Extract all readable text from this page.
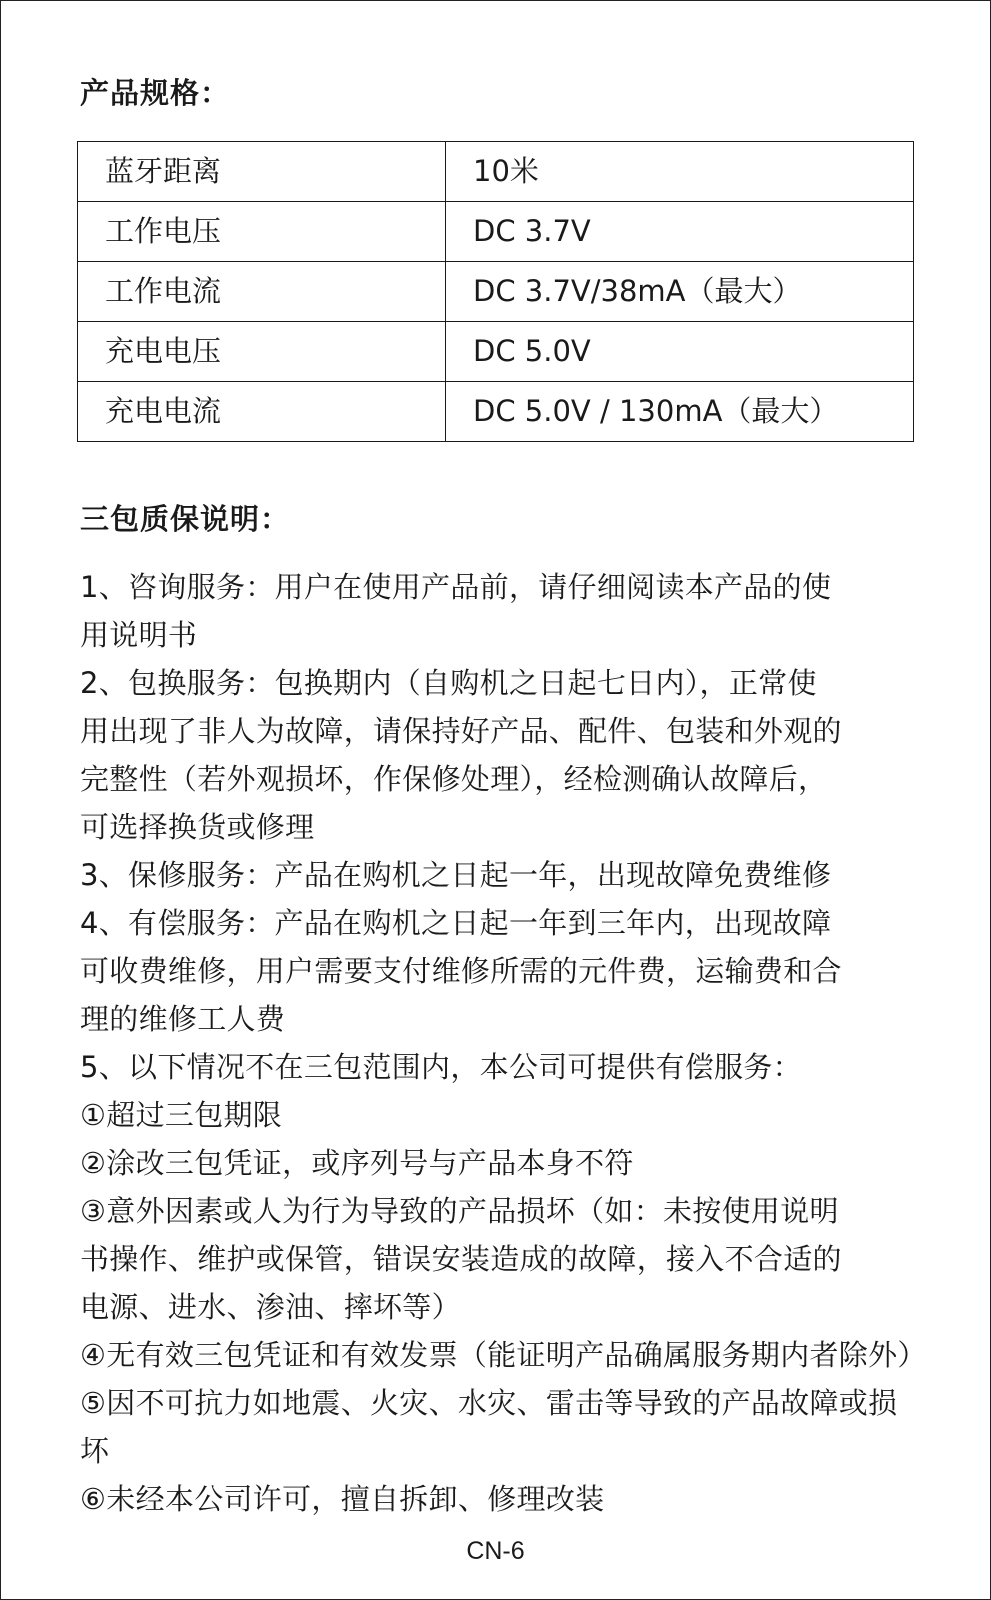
产品规格：
蓝牙距离	10米
工作电压	DC 3.7V
工作电流	DC 3.7V/38mA（最大）
充电电压	DC 5.0V
充电电流	DC 5.0V / 130mA（最大）
三包质保说明：

1、咨询服务：用户在使用产品前，请仔细阅读本产品的使

用说明书

2、包换服务：包换期内（自购机之日起七日内），正常使

用出现了非人为故障，请保持好产品、配件、包装和外观的

完整性（若外观损坏，作保修处理），经检测确认故障后，

可选择换货或修理

3、保修服务：产品在购机之日起一年，出现故障免费维修

4、有偿服务：产品在购机之日起一年到三年内，出现故障

可收费维修，用户需要支付维修所需的元件费，运输费和合

理的维修工人费

5、以下情况不在三包范围内，本公司可提供有偿服务：

①超过三包期限

②涂改三包凭证，或序列号与产品本身不符

③意外因素或人为行为导致的产品损坏（如：未按使用说明

书操作、维护或保管，错误安装造成的故障，接入不合适的

电源、进水、渗油、摔坏等）

④无有效三包凭证和有效发票（能证明产品确属服务期内者除外）

⑤因不可抗力如地震、火灾、水灾、雷击等导致的产品故障或损坏

⑥未经本公司许可，擅自拆卸、修理改装

CN-6
